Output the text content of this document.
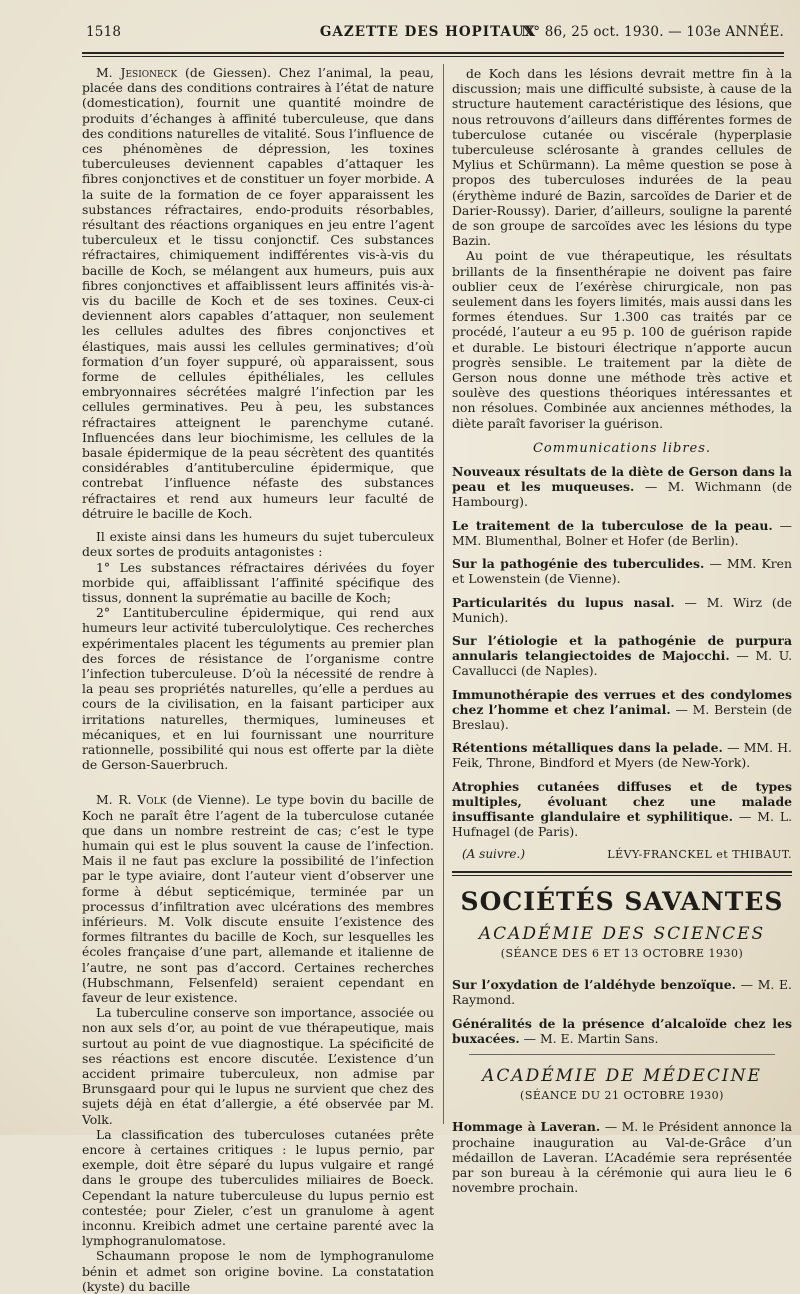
1518	GAZETTE DES HOPITAUX
N° 86, 25 oct. 1930. — 103e ANNÉE.

M. Jesioneck (de Giessen). Chez l’animal, la peau, placée dans des conditions contraires à l’état de nature (domestication), fournit une quantité moindre de produits d’échanges à affinité tuberculeuse, que dans des conditions naturelles de vitalité. Sous l’influence de ces phénomènes de dépression, les toxines tuberculeuses deviennent capables d’attaquer les fibres conjonctives et de constituer un foyer morbide. A la suite de la formation de ce foyer apparaissent les substances réfractaires, endo-produits résorbables, résultant des réactions organiques en jeu entre l’agent tuberculeux et le tissu conjonctif. Ces substances réfractaires, chimiquement indifférentes vis-à-vis du bacille de Koch, se mélangent aux humeurs, puis aux fibres conjonctives et affaiblissent leurs affinités vis-à-vis du bacille de Koch et de ses toxines. Ceux-ci deviennent alors capables d’attaquer, non seulement les cellules adultes des fibres conjonctives et élastiques, mais aussi les cellules germinatives; d’où formation d’un foyer suppuré, où apparaissent, sous forme de cellules épithéliales, les cellules embryonnaires sécrétées malgré l’infection par les cellules germinatives. Peu à peu, les substances réfractaires atteignent le parenchyme cutané. Influencées dans leur biochimisme, les cellules de la basale épidermique de la peau sécrètent des quantités considérables d’antituberculine épidermique, que contrebat l’influence néfaste des substances réfractaires et rend aux humeurs leur faculté de détruire le bacille de Koch.

Il existe ainsi dans les humeurs du sujet tuberculeux deux sortes de produits antagonistes :

1° Les substances réfractaires dérivées du foyer morbide qui, affaiblissant l’affinité spécifique des tissus, donnent la suprématie au bacille de Koch;

2° L’antituberculine épidermique, qui rend aux humeurs leur activité tuberculolytique. Ces recherches expérimentales placent les téguments au premier plan des forces de résistance de l’organisme contre l’infection tuberculeuse. D’où la nécessité de rendre à la peau ses propriétés naturelles, qu’elle a perdues au cours de la civilisation, en la faisant participer aux irritations naturelles, thermiques, lumineuses et mécaniques, et en lui fournissant une nourriture rationnelle, possibilité qui nous est offerte par la diète de Gerson-Sauerbruch.

M. R. Volk (de Vienne). Le type bovin du bacille de Koch ne paraît être l’agent de la tuberculose cutanée que dans un nombre restreint de cas; c’est le type humain qui est le plus souvent la cause de l’infection. Mais il ne faut pas exclure la possibilité de l’infection par le type aviaire, dont l’auteur vient d’observer une forme à début septicémique, terminée par un processus d’infiltration avec ulcérations des membres inférieurs. M. Volk discute ensuite l’existence des formes filtrantes du bacille de Koch, sur lesquelles les écoles française d’une part, allemande et italienne de l’autre, ne sont pas d’accord. Certaines recherches (Hubschmann, Felsenfeld) seraient cependant en faveur de leur existence.

La tuberculine conserve son importance, associée ou non aux sels d’or, au point de vue thérapeutique, mais surtout au point de vue diagnostique. La spécificité de ses réactions est encore discutée. L’existence d’un accident primaire tuberculeux, non admise par Brunsgaard pour qui le lupus ne survient que chez des sujets déjà en état d’allergie, a été observée par M. Volk.

La classification des tuberculoses cutanées prête encore à certaines critiques : le lupus pernio, par exemple, doit être séparé du lupus vulgaire et rangé dans le groupe des tuberculides miliaires de Boeck. Cependant la nature tuberculeuse du lupus pernio est contestée; pour Zieler, c’est un granulome à agent inconnu. Kreibich admet une certaine parenté avec la lymphogranulomatose.

Schaumann propose le nom de lymphogranulome bénin et admet son origine bovine. La constatation (kyste) du bacille

de Koch dans les lésions devrait mettre fin à la discussion; mais une difficulté subsiste, à cause de la structure hautement caractéristique des lésions, que nous retrouvons d’ailleurs dans différentes formes de tuberculose cutanée ou viscérale (hyperplasie tuberculeuse sclérosante à grandes cellules de Mylius et Schürmann). La même question se pose à propos des tuberculoses indurées de la peau (érythème induré de Bazin, sarcoïdes de Darier et de Darier-Roussy). Darier, d’ailleurs, souligne la parenté de son groupe de sarcoïdes avec les lésions du type Bazin.

Au point de vue thérapeutique, les résultats brillants de la finsenthérapie ne doivent pas faire oublier ceux de l’exérèse chirurgicale, non pas seulement dans les foyers limités, mais aussi dans les formes étendues. Sur 1.300 cas traités par ce procédé, l’auteur a eu 95 p. 100 de guérison rapide et durable. Le bistouri électrique n’apporte aucun progrès sensible. Le traitement par la diète de Gerson nous donne une méthode très active et soulève des questions théoriques intéressantes et non résolues. Combinée aux anciennes méthodes, la diète paraît favoriser la guérison.

Communications libres.

Nouveaux résultats de la diète de Gerson dans la peau et les muqueuses. — M. Wichmann (de Hambourg).

Le traitement de la tuberculose de la peau. — MM. Blumenthal, Bolner et Hofer (de Berlin).

Sur la pathogénie des tuberculides. — MM. Kren et Lowenstein (de Vienne).

Particularités du lupus nasal. — M. Wirz (de Munich).

Sur l’étiologie et la pathogénie de purpura annularis telangiectoides de Majocchi. — M. U. Cavallucci (de Naples).

Immunothérapie des verrues et des condylomes chez l’homme et chez l’animal. — M. Berstein (de Breslau).

Rétentions métalliques dans la pelade. — MM. H. Feik, Throne, Bindford et Myers (de New-York).

Atrophies cutanées diffuses et de types multiples, évoluant chez une malade insuffisante glandulaire et syphilitique. — M. L. Hufnagel (de Paris).

(A suivre.)	LÉVY-FRANCKEL et THIBAUT.
SOCIÉTÉS SAVANTES
ACADÉMIE DES SCIENCES
(SÉANCE DES 6 ET 13 OCTOBRE 1930)

Sur l’oxydation de l’aldéhyde benzoïque. — M. E. Raymond.

Généralités de la présence d’alcaloïde chez les buxacées. — M. E. Martin Sans.

ACADÉMIE DE MÉDECINE
(SÉANCE DU 21 OCTOBRE 1930)

Hommage à Laveran. — M. le Président annonce la prochaine inauguration au Val-de-Grâce d’un médaillon de Laveran. L’Académie sera représentée par son bureau à la cérémonie qui aura lieu le 6 novembre prochain.
